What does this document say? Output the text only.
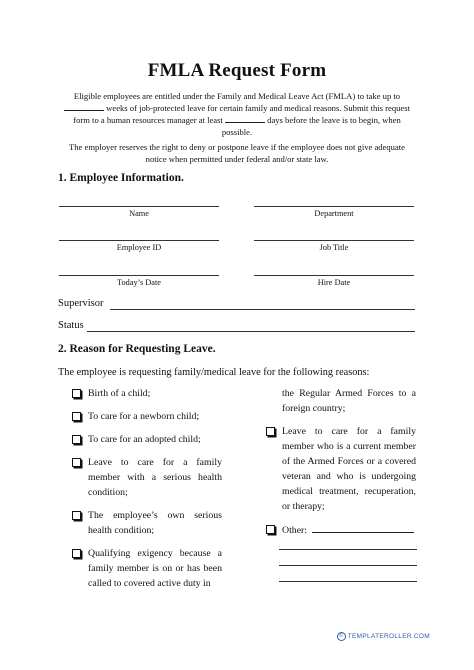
FMLA Request Form
Eligible employees are entitled under the Family and Medical Leave Act (FMLA) to take up to
weeks of job-protected leave for certain family and medical reasons. Submit this request form to a human resources manager at least	days before the leave is to begin, when possible.
The employer reserves the right to deny or postpone leave if the employee does not give adequate notice when permitted under federal and/or state law.
1. Employee Information.
Name	Department
Employee ID	Job Title
Today’s Date	Hire Date
Supervisor
Status
2. Reason for Requesting Leave.
The employee is requesting family/medical leave for the following reasons:
Birth of a child;
To care for a newborn child;
To care for an adopted child;
Leave to care for a family member with a serious health condition;
The employee’s own serious health condition;
Qualifying exigency because a family member is on or has been called to covered active duty in
the Regular Armed Forces to a foreign country;
Leave to care for a family member who is a current member of the Armed Forces or a covered veteran and who is undergoing medical treatment, recuperation, or therapy;
Other:
© TEMPLATEROLLER.COM
